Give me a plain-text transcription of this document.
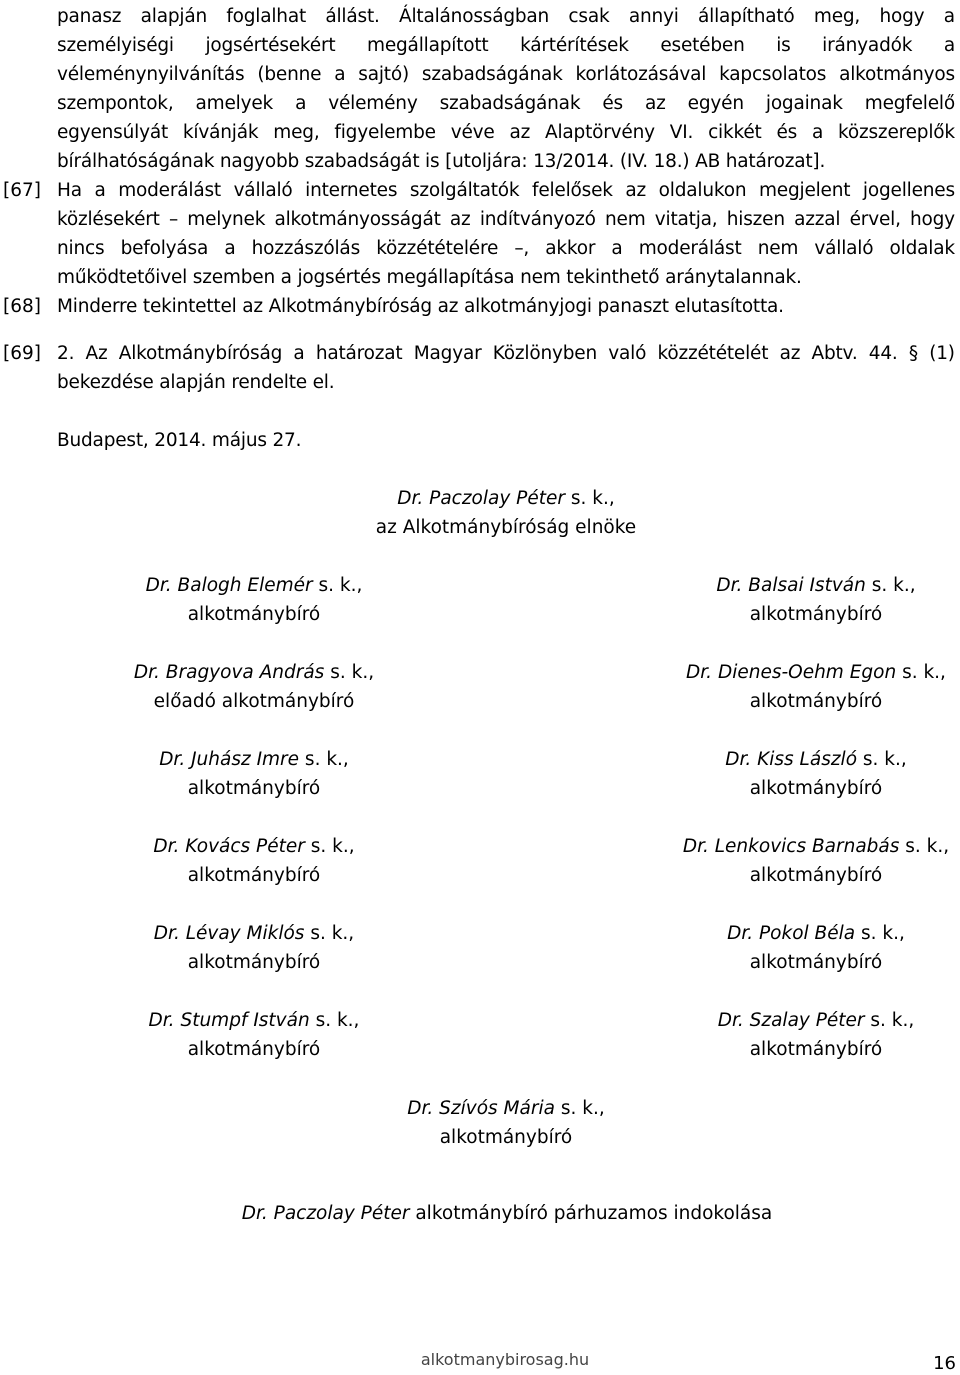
panasz alapján foglalhat állást. Általánosságban csak annyi állapítható meg, hogy a
személyiségi jogsértésekért megállapított kártérítések esetében is irányadók a
véleménynyilvánítás (benne a sajtó) szabadságának korlátozásával kapcsolatos alkotmányos
szempontok, amelyek a vélemény szabadságának és az egyén jogainak megfelelő
egyensúlyát kívánják meg, figyelembe véve az Alaptörvény VI. cikkét és a közszereplők
bírálhatóságának nagyobb szabadságát is [utoljára: 13/2014. (IV. 18.) AB határozat].
[67] Ha a moderálást vállaló internetes szolgáltatók felelősek az oldalukon megjelent jogellenes
közlésekért – melynek alkotmányosságát az indítványozó nem vitatja, hiszen azzal érvel, hogy
nincs befolyása a hozzászólás közzétételére –, akkor a moderálást nem vállaló oldalak
működtetőivel szemben a jogsértés megállapítása nem tekinthető aránytalannak.
[68] Minderre tekintettel az Alkotmánybíróság az alkotmányjogi panaszt elutasította.
[69] 2. Az Alkotmánybíróság a határozat Magyar Közlönyben való közzétételét az Abtv. 44. § (1)
bekezdése alapján rendelte el.
Budapest, 2014. május 27.
Dr. Paczolay Péter s. k.,
az Alkotmánybíróság elnöke
Dr. Balogh Elemér s. k.,
alkotmánybíró
Dr. Bragyova András s. k.,
előadó alkotmánybíró
Dr. Juhász Imre s. k.,
alkotmánybíró
Dr. Kovács Péter s. k.,
alkotmánybíró
Dr. Lévay Miklós s. k.,
alkotmánybíró
Dr. Stumpf István s. k.,
alkotmánybíró
Dr. Balsai István s. k.,
alkotmánybíró
Dr. Dienes-Oehm Egon s. k.,
alkotmánybíró
Dr. Kiss László s. k.,
alkotmánybíró
Dr. Lenkovics Barnabás s. k.,
alkotmánybíró
Dr. Pokol Béla s. k.,
alkotmánybíró
Dr. Szalay Péter s. k.,
alkotmánybíró
Dr. Szívós Mária s. k.,
alkotmánybíró
Dr. Paczolay Péter alkotmánybíró párhuzamos indokolása
alkotmanybirosag.hu	16
